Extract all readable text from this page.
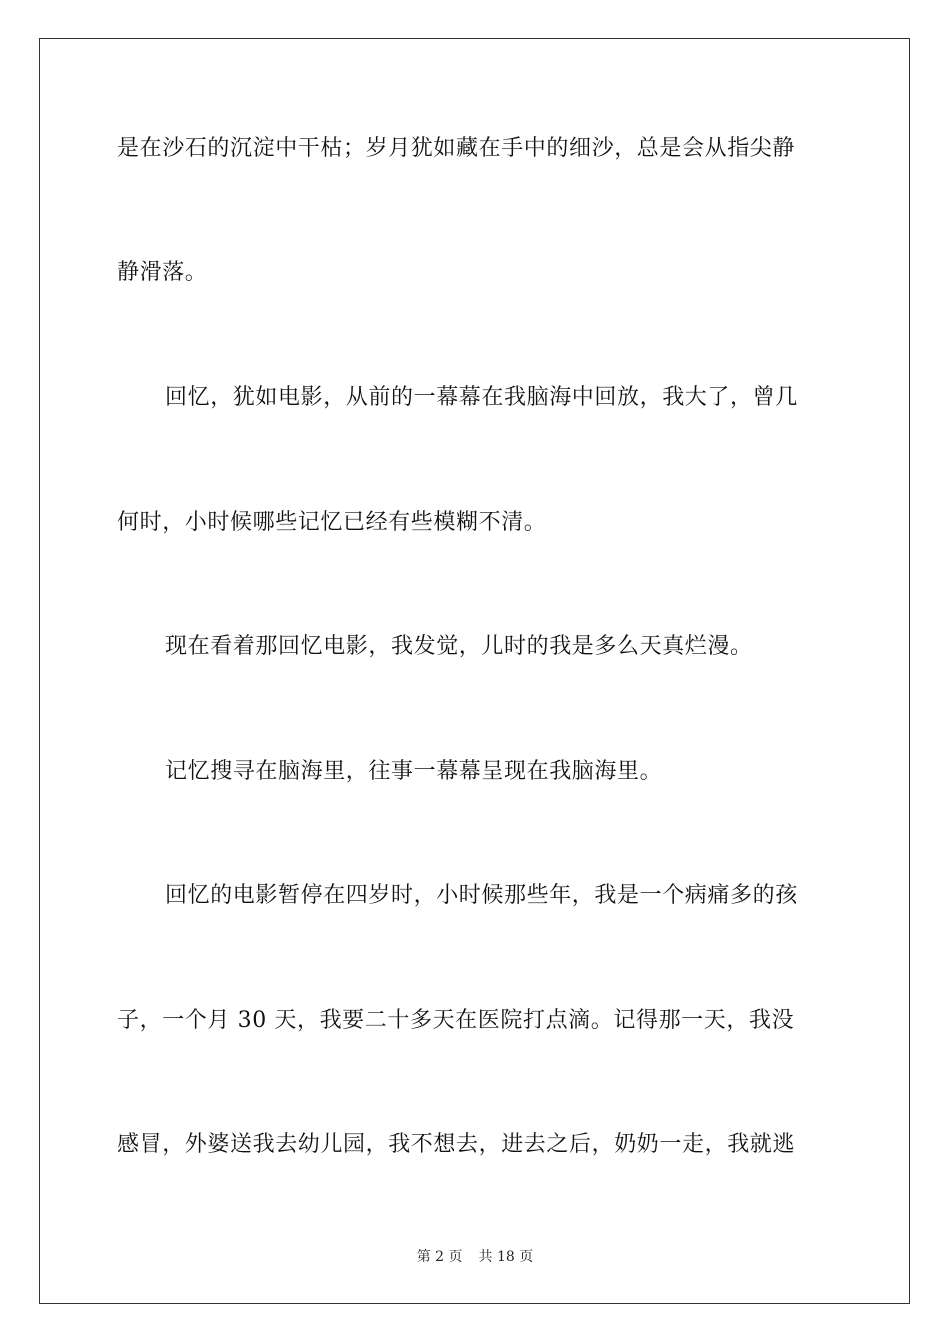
是在沙石的沉淀中干枯；岁月犹如藏在手中的细沙，总是会从指尖静
静滑落。
回忆，犹如电影，从前的一幕幕在我脑海中回放，我大了，曾几
何时，小时候哪些记忆已经有些模糊不清。
现在看着那回忆电影，我发觉，儿时的我是多么天真烂漫。
记忆搜寻在脑海里，往事一幕幕呈现在我脑海里。
回忆的电影暂停在四岁时，小时候那些年，我是一个病痛多的孩
子，一个月 30 天，我要二十多天在医院打点滴。记得那一天，我没
感冒，外婆送我去幼儿园，我不想去，进去之后，奶奶一走，我就逃
第 2 页 共 18 页
